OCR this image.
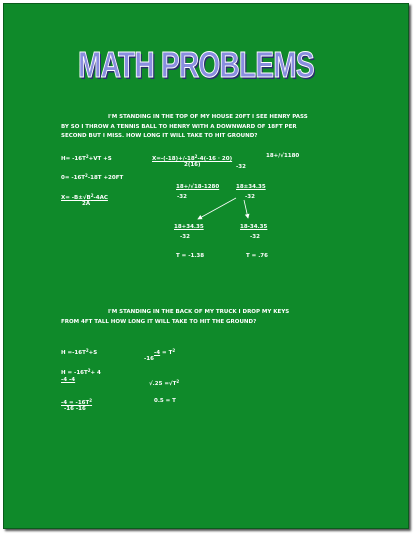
MATH PROBLEMS
I'M STANDING IN THE TOP OF MY HOUSE 20FT I SEE HENRY PASS
BY SO I THROW A TENNIS BALL TO HENRY WITH A DOWNWARD OF 18FT PER
SECOND BUT I MISS. HOW LONG IT WILL TAKE TO HIT GROUND?
$H= -16T^2+VT +S$
$0= -16T^2-18T +20FT$
$X= -B\pm√B^2-4AC$
2A
$X=-(-18)+/-18^2-4(-16 \cdot 20)$
2(16)	-32
18+/√1180
18+/√18-1280
-32
18±34.35
-32
18+34.35
-32
18-34.35
-32
T = -1.38	T = .76
I'M STANDING IN THE BACK OF MY TRUCK I DROP MY KEYS
FROM 4FT TALL HOW LONG IT WILL TAKE TO HIT THE GROUND?
$H =-16T^2+S$
$H = -16T^2+ 4$
-4 -4
$-4 = -16T^2$
-16 -16
$-4 = T^2$
-16
$√.25 =√T^2$
0.5 = T
